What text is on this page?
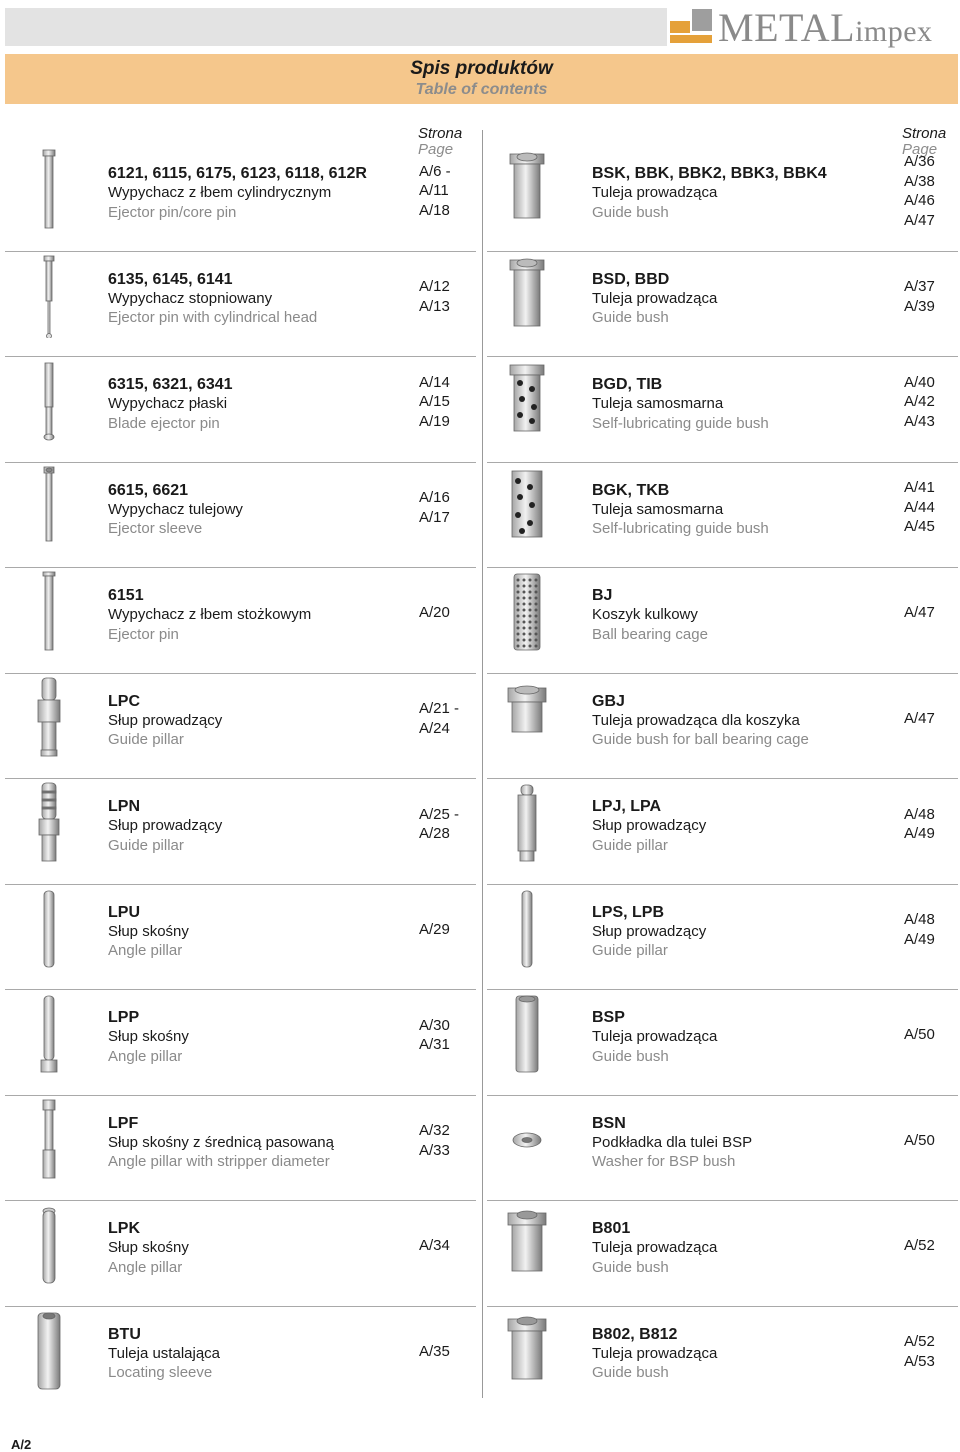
METALimpex
Spis produktów
Table of contents
Strona
Page
Strona
Page
6121, 6115, 6175, 6123, 6118, 612R
Wypychacz z łbem cylindrycznym
Ejector pin/core pin
A/6 -
A/11
A/18
6135, 6145, 6141
Wypychacz stopniowany
Ejector pin with cylindrical head
A/12
A/13
6315, 6321, 6341
Wypychacz płaski
Blade ejector pin
A/14
A/15
A/19
6615, 6621
Wypychacz tulejowy
Ejector sleeve
A/16
A/17
6151
Wypychacz z łbem stożkowym
Ejector pin
A/20
LPC
Słup prowadzący
Guide pillar
A/21 -
A/24
LPN
Słup prowadzący
Guide pillar
A/25 -
A/28
LPU
Słup skośny
Angle pillar
A/29
LPP
Słup skośny
Angle pillar
A/30
A/31
LPF
Słup skośny z średnicą pasowaną
Angle pillar with stripper diameter
A/32
A/33
LPK
Słup skośny
Angle pillar
A/34
BTU
Tuleja ustalająca
Locating sleeve
A/35
BSK, BBK, BBK2, BBK3, BBK4
Tuleja prowadząca
Guide bush
A/36
A/38
A/46
A/47
BSD, BBD
Tuleja prowadząca
Guide bush
A/37
A/39
BGD, TIB
Tuleja samosmarna
Self-lubricating guide bush
A/40
A/42
A/43
BGK, TKB
Tuleja samosmarna
Self-lubricating guide bush
A/41
A/44
A/45
BJ
Koszyk kulkowy
Ball bearing cage
A/47
GBJ
Tuleja prowadząca dla koszyka
Guide bush for ball bearing cage
A/47
LPJ, LPA
Słup prowadzący
Guide pillar
A/48
A/49
LPS, LPB
Słup prowadzący
Guide pillar
A/48
A/49
BSP
Tuleja prowadząca
Guide bush
A/50
BSN
Podkładka dla tulei BSP
Washer for BSP bush
A/50
B801
Tuleja prowadząca
Guide bush
A/52
B802, B812
Tuleja prowadząca
Guide bush
A/52
A/53
A/2
